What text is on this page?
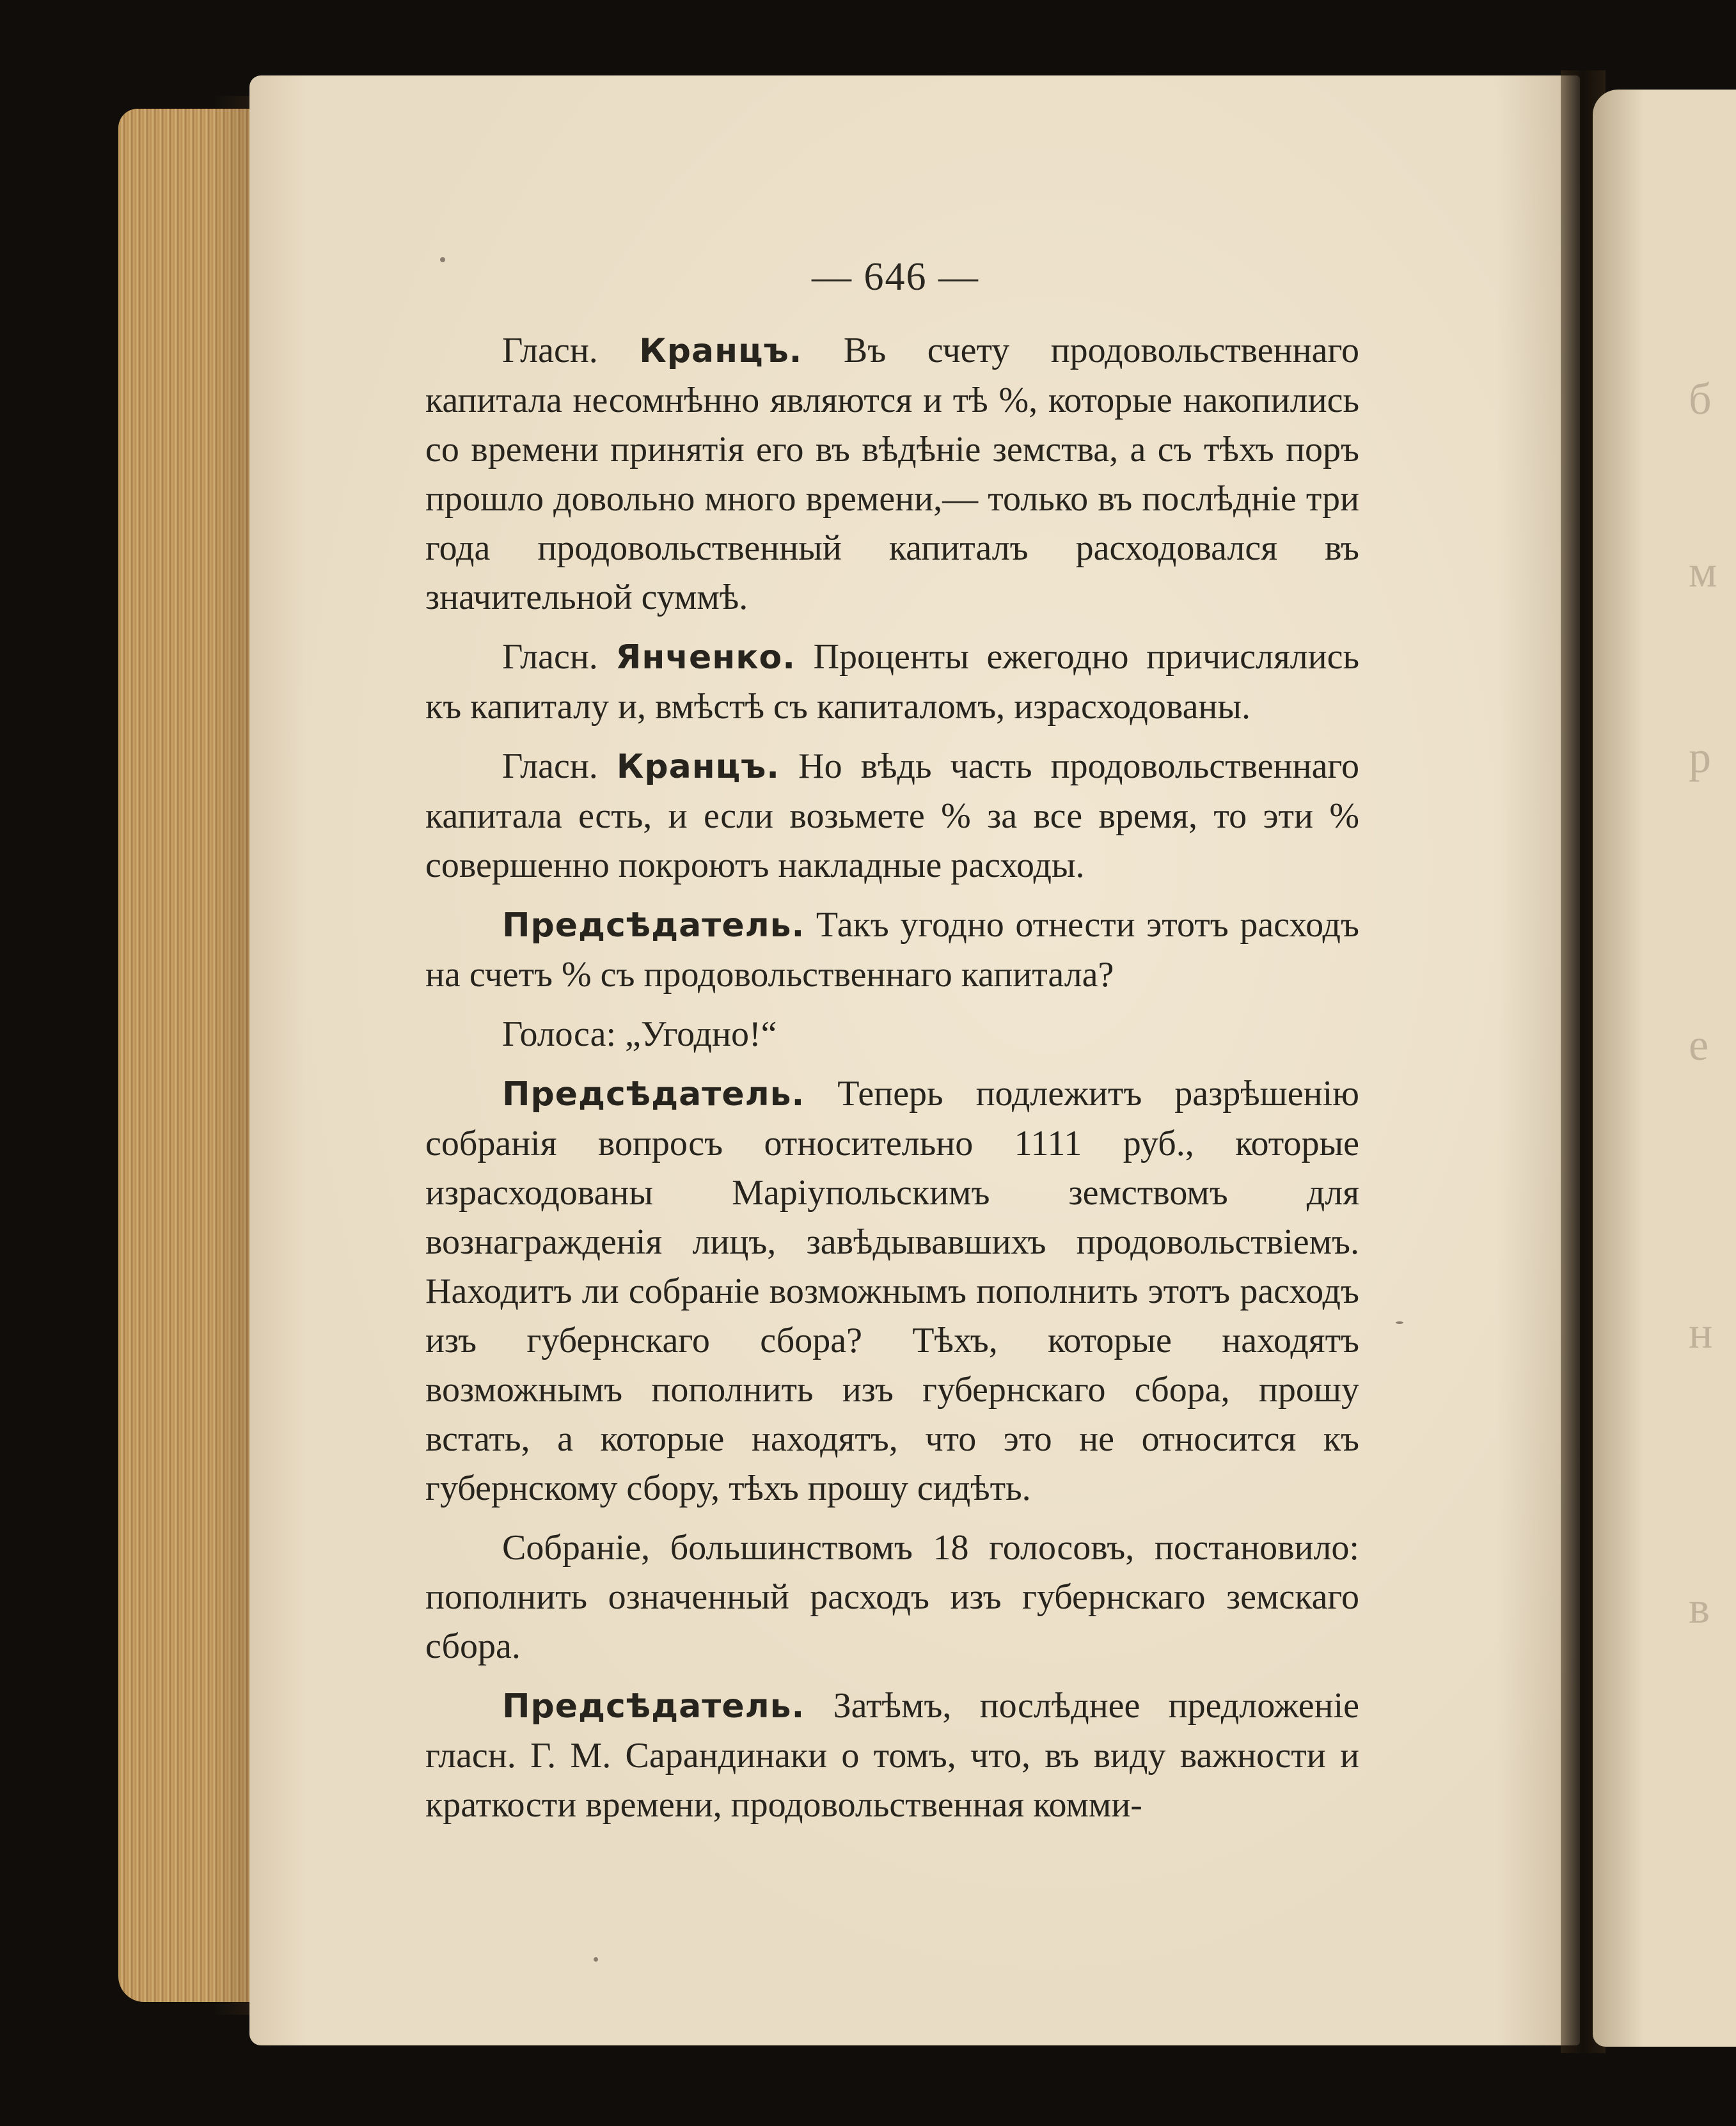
б
м
р
е
н
в
— 646 —

Гласн. Кранцъ. Въ счету продовольственнаго капитала несомнѣнно являются и тѣ %, которые накопились со времени принятія его въ вѣдѣніе земства, а съ тѣхъ поръ прошло довольно много времени,— только въ послѣдніе три года продовольственный капиталъ расходовался въ значительной суммѣ.

Гласн. Янченко. Проценты ежегодно причислялись къ капиталу и, вмѣстѣ съ капиталомъ, израсходованы.

Гласн. Кранцъ. Но вѣдь часть продовольственнаго капитала есть, и если возьмете % за все время, то эти % совершенно покроютъ накладные расходы.

Предсѣдатель. Такъ угодно отнести этотъ расходъ на счетъ % съ продовольственнаго капитала?

Голоса: „Угодно!“

Предсѣдатель. Теперь подлежитъ разрѣшенію собранія вопросъ относительно 1111 руб., которые израсходованы Маріупольскимъ земствомъ для вознагражденія лицъ, завѣдывавшихъ продовольствіемъ. Находитъ ли собраніе возможнымъ пополнить этотъ расходъ изъ губернскаго сбора? Тѣхъ, которые находятъ возможнымъ пополнить изъ губернскаго сбора, прошу встать, а которые находятъ, что это не относится къ губернскому сбору, тѣхъ прошу сидѣть.

Собраніе, большинствомъ 18 голосовъ, постановило: пополнить означенный расходъ изъ губернскаго земскаго сбора.

Предсѣдатель. Затѣмъ, послѣднее предложеніе гласн. Г. М. Сарандинаки о томъ, что, въ виду важности и краткости времени, продовольственная комми-
